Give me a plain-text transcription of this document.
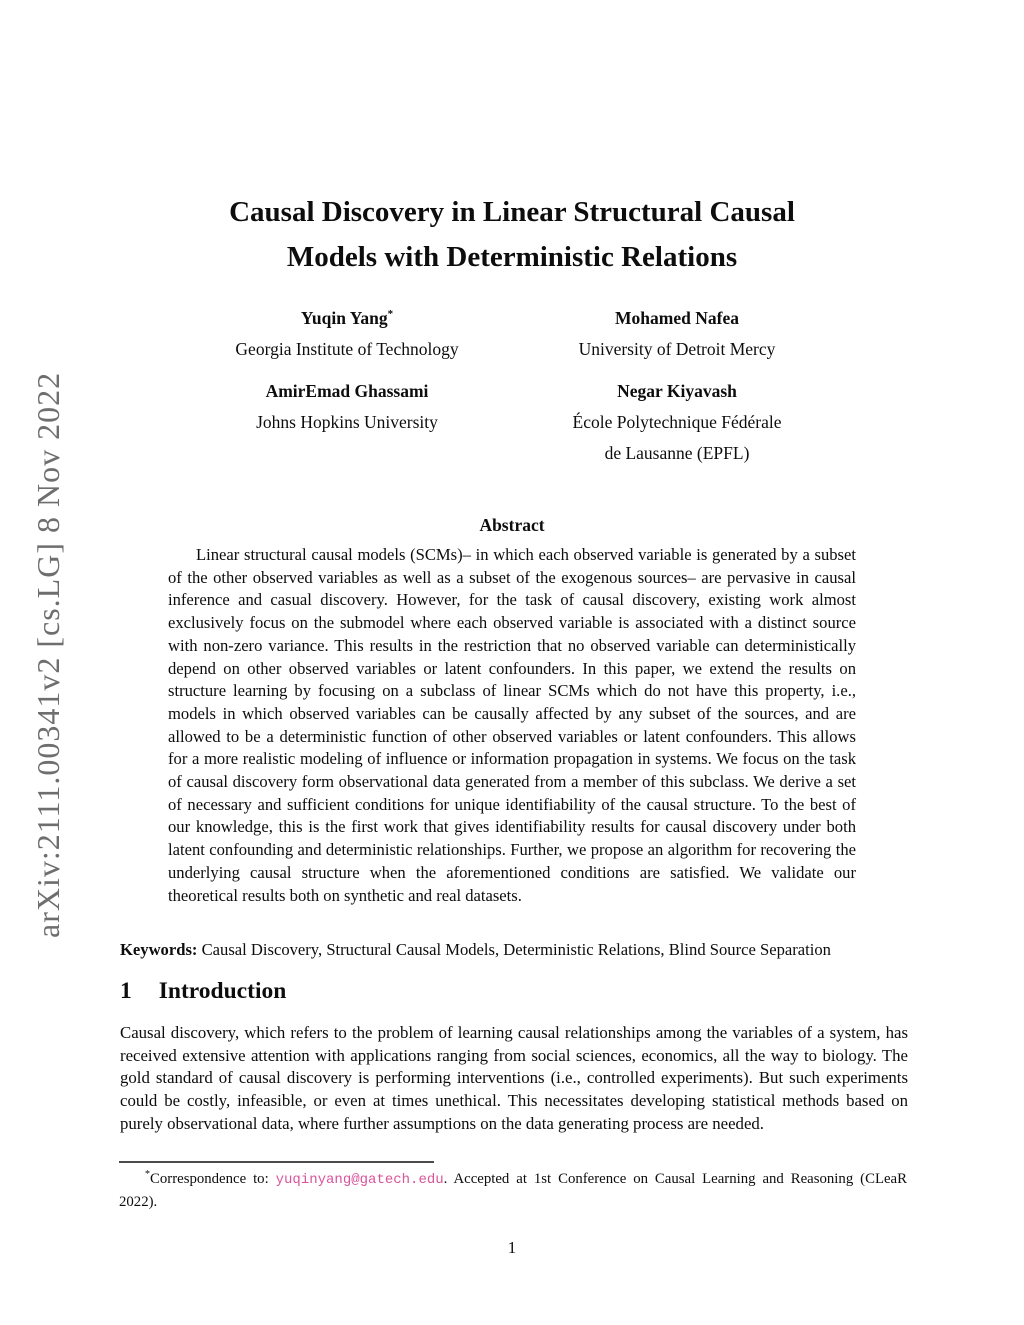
arXiv:2111.00341v2 [cs.LG] 8 Nov 2022
Causal Discovery in Linear Structural Causal
Models with Deterministic Relations
Yuqin Yang*
Georgia Institute of Technology
Mohamed Nafea
University of Detroit Mercy
AmirEmad Ghassami
Johns Hopkins University
Negar Kiyavash
École Polytechnique Fédérale
de Lausanne (EPFL)
Abstract

Linear structural causal models (SCMs)– in which each observed variable is generated by a subset of the other observed variables as well as a subset of the exogenous sources– are pervasive in causal inference and casual discovery. However, for the task of causal discovery, existing work almost exclusively focus on the submodel where each observed variable is associated with a distinct source with non-zero variance. This results in the restriction that no observed variable can deterministically depend on other observed variables or latent confounders. In this paper, we extend the results on structure learning by focusing on a subclass of linear SCMs which do not have this property, i.e., models in which observed variables can be causally affected by any subset of the sources, and are allowed to be a deterministic function of other observed variables or latent confounders. This allows for a more realistic modeling of influence or information propagation in systems. We focus on the task of causal discovery form observational data generated from a member of this subclass. We derive a set of necessary and sufficient conditions for unique identifiability of the causal structure. To the best of our knowledge, this is the first work that gives identifiability results for causal discovery under both latent confounding and deterministic relationships. Further, we propose an algorithm for recovering the underlying causal structure when the aforementioned conditions are satisfied. We validate our theoretical results both on synthetic and real datasets.

Keywords: Causal Discovery, Structural Causal Models, Deterministic Relations, Blind Source Separation
1 Introduction

Causal discovery, which refers to the problem of learning causal relationships among the variables of a system, has received extensive attention with applications ranging from social sciences, economics, all the way to biology. The gold standard of causal discovery is performing interventions (i.e., controlled experiments). But such experiments could be costly, infeasible, or even at times unethical. This necessitates developing statistical methods based on purely observational data, where further assumptions on the data generating process are needed.

*Correspondence to: yuqinyang@gatech.edu. Accepted at 1st Conference on Causal Learning and Reasoning (CLeaR 2022).

1
